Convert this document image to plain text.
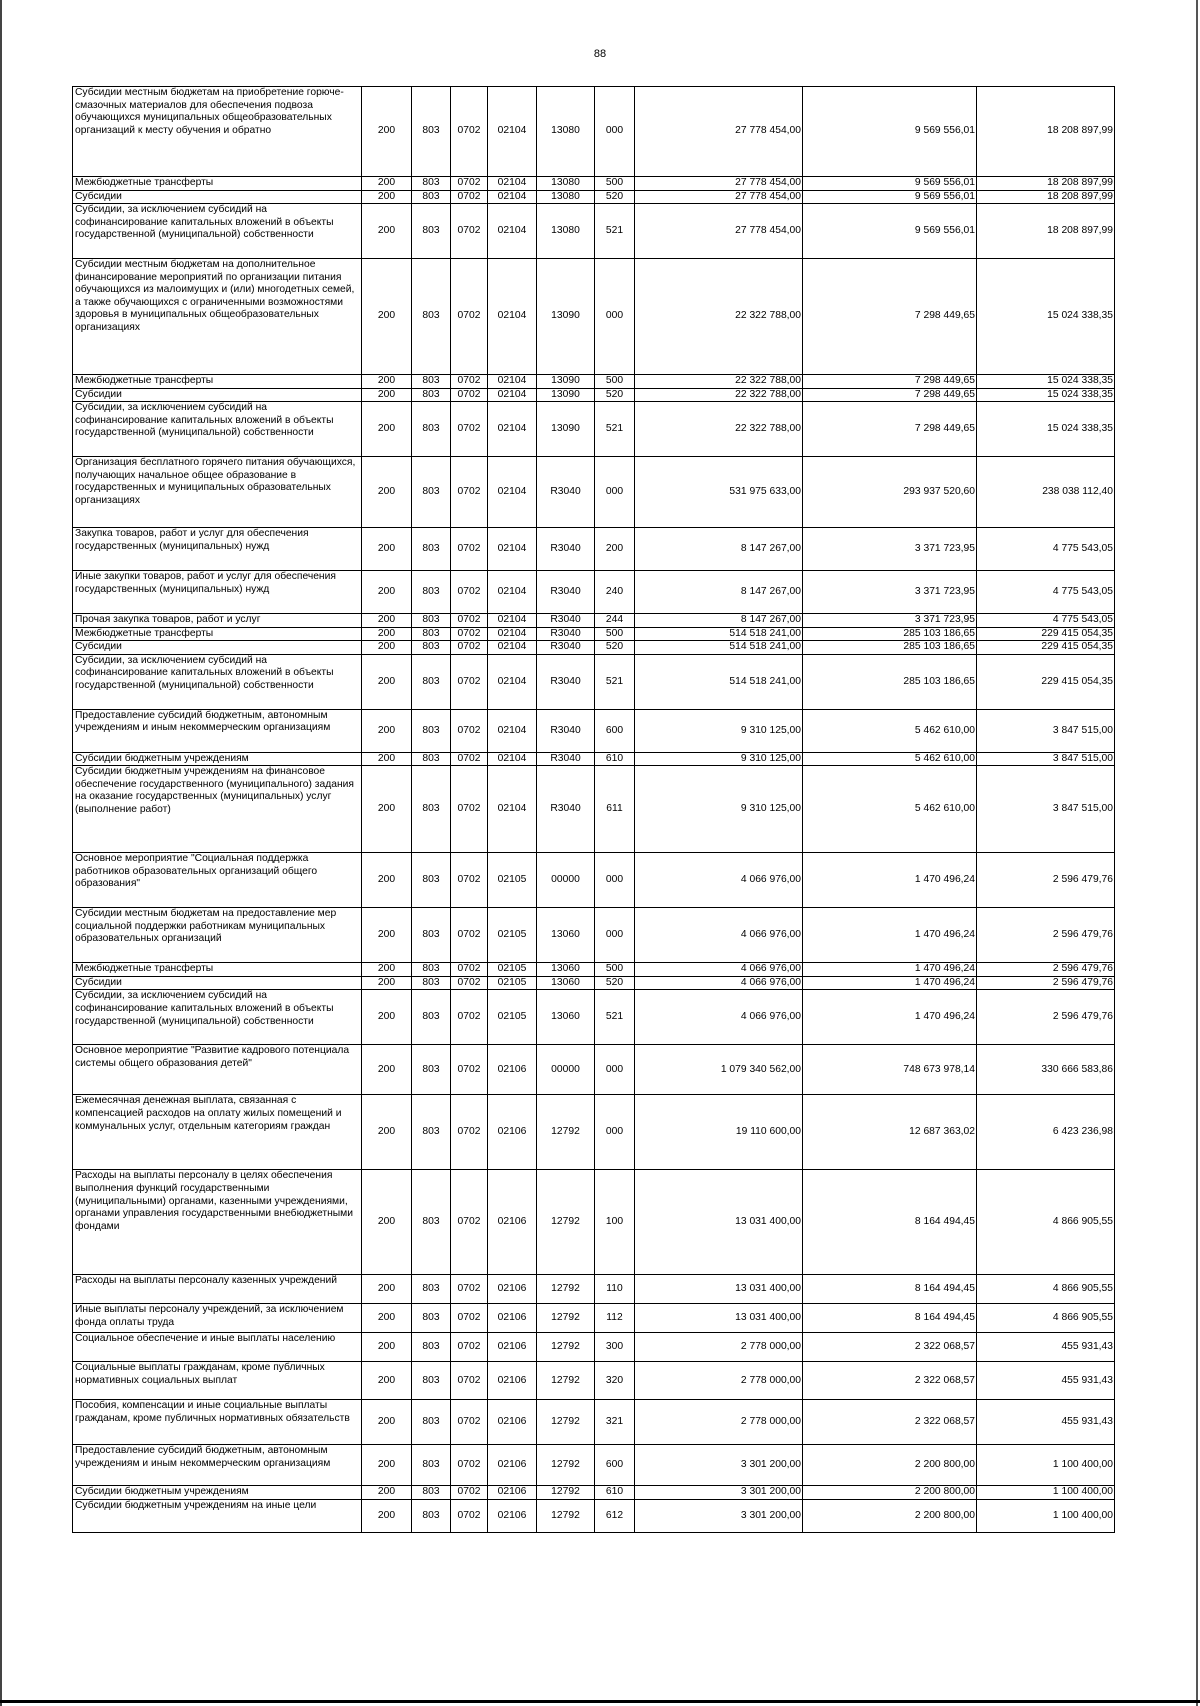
88
Субсидии местным бюджетам на приобретение горюче-смазочных материалов для обеспечения подвоза обучающихся муниципальных общеобразовательных организаций к месту обучения и обратно	200	803	0702	02104	13080	000	27 778 454,00	9 569 556,01	18 208 897,99
Межбюджетные трансферты	200	803	0702	02104	13080	500	27 778 454,00	9 569 556,01	18 208 897,99
Субсидии	200	803	0702	02104	13080	520	27 778 454,00	9 569 556,01	18 208 897,99
Субсидии, за исключением субсидий на софинансирование капитальных вложений в объекты государственной (муниципальной) собственности	200	803	0702	02104	13080	521	27 778 454,00	9 569 556,01	18 208 897,99
Субсидии местным бюджетам на дополнительное финансирование мероприятий по организации питания обучающихся из малоимущих и (или) многодетных семей, а также обучающихся с ограниченными возможностями здоровья в муниципальных общеобразовательных организациях	200	803	0702	02104	13090	000	22 322 788,00	7 298 449,65	15 024 338,35
Межбюджетные трансферты	200	803	0702	02104	13090	500	22 322 788,00	7 298 449,65	15 024 338,35
Субсидии	200	803	0702	02104	13090	520	22 322 788,00	7 298 449,65	15 024 338,35
Субсидии, за исключением субсидий на софинансирование капитальных вложений в объекты государственной (муниципальной) собственности	200	803	0702	02104	13090	521	22 322 788,00	7 298 449,65	15 024 338,35
Организация бесплатного горячего питания обучающихся, получающих начальное общее образование в государственных и муниципальных образовательных организациях	200	803	0702	02104	R3040	000	531 975 633,00	293 937 520,60	238 038 112,40
Закупка товаров, работ и услуг для обеспечения государственных (муниципальных) нужд	200	803	0702	02104	R3040	200	8 147 267,00	3 371 723,95	4 775 543,05
Иные закупки товаров, работ и услуг для обеспечения государственных (муниципальных) нужд	200	803	0702	02104	R3040	240	8 147 267,00	3 371 723,95	4 775 543,05
Прочая закупка товаров, работ и услуг	200	803	0702	02104	R3040	244	8 147 267,00	3 371 723,95	4 775 543,05
Межбюджетные трансферты	200	803	0702	02104	R3040	500	514 518 241,00	285 103 186,65	229 415 054,35
Субсидии	200	803	0702	02104	R3040	520	514 518 241,00	285 103 186,65	229 415 054,35
Субсидии, за исключением субсидий на софинансирование капитальных вложений в объекты государственной (муниципальной) собственности	200	803	0702	02104	R3040	521	514 518 241,00	285 103 186,65	229 415 054,35
Предоставление субсидий бюджетным, автономным учреждениям и иным некоммерческим организациям	200	803	0702	02104	R3040	600	9 310 125,00	5 462 610,00	3 847 515,00
Субсидии бюджетным учреждениям	200	803	0702	02104	R3040	610	9 310 125,00	5 462 610,00	3 847 515,00
Субсидии бюджетным учреждениям на финансовое обеспечение государственного (муниципального) задания на оказание государственных (муниципальных) услуг (выполнение работ)	200	803	0702	02104	R3040	611	9 310 125,00	5 462 610,00	3 847 515,00
Основное мероприятие "Социальная поддержка работников образовательных организаций общего образования"	200	803	0702	02105	00000	000	4 066 976,00	1 470 496,24	2 596 479,76
Субсидии местным бюджетам на предоставление мер социальной поддержки работникам муниципальных образовательных организаций	200	803	0702	02105	13060	000	4 066 976,00	1 470 496,24	2 596 479,76
Межбюджетные трансферты	200	803	0702	02105	13060	500	4 066 976,00	1 470 496,24	2 596 479,76
Субсидии	200	803	0702	02105	13060	520	4 066 976,00	1 470 496,24	2 596 479,76
Субсидии, за исключением субсидий на софинансирование капитальных вложений в объекты государственной (муниципальной) собственности	200	803	0702	02105	13060	521	4 066 976,00	1 470 496,24	2 596 479,76
Основное мероприятие "Развитие кадрового потенциала системы общего образования детей"	200	803	0702	02106	00000	000	1 079 340 562,00	748 673 978,14	330 666 583,86
Ежемесячная денежная выплата, связанная с компенсацией расходов на оплату жилых помещений и коммунальных услуг, отдельным категориям граждан	200	803	0702	02106	12792	000	19 110 600,00	12 687 363,02	6 423 236,98
Расходы на выплаты персоналу в целях обеспечения выполнения функций государственными (муниципальными) органами, казенными учреждениями, органами управления государственными внебюджетными фондами	200	803	0702	02106	12792	100	13 031 400,00	8 164 494,45	4 866 905,55
Расходы на выплаты персоналу казенных учреждений	200	803	0702	02106	12792	110	13 031 400,00	8 164 494,45	4 866 905,55
Иные выплаты персоналу учреждений, за исключением фонда оплаты труда	200	803	0702	02106	12792	112	13 031 400,00	8 164 494,45	4 866 905,55
Социальное обеспечение и иные выплаты населению	200	803	0702	02106	12792	300	2 778 000,00	2 322 068,57	455 931,43
Социальные выплаты гражданам, кроме публичных нормативных социальных выплат	200	803	0702	02106	12792	320	2 778 000,00	2 322 068,57	455 931,43
Пособия, компенсации и иные социальные выплаты гражданам, кроме публичных нормативных обязательств	200	803	0702	02106	12792	321	2 778 000,00	2 322 068,57	455 931,43
Предоставление субсидий бюджетным, автономным учреждениям и иным некоммерческим организациям	200	803	0702	02106	12792	600	3 301 200,00	2 200 800,00	1 100 400,00
Субсидии бюджетным учреждениям	200	803	0702	02106	12792	610	3 301 200,00	2 200 800,00	1 100 400,00
Субсидии бюджетным учреждениям на иные цели	200	803	0702	02106	12792	612	3 301 200,00	2 200 800,00	1 100 400,00
